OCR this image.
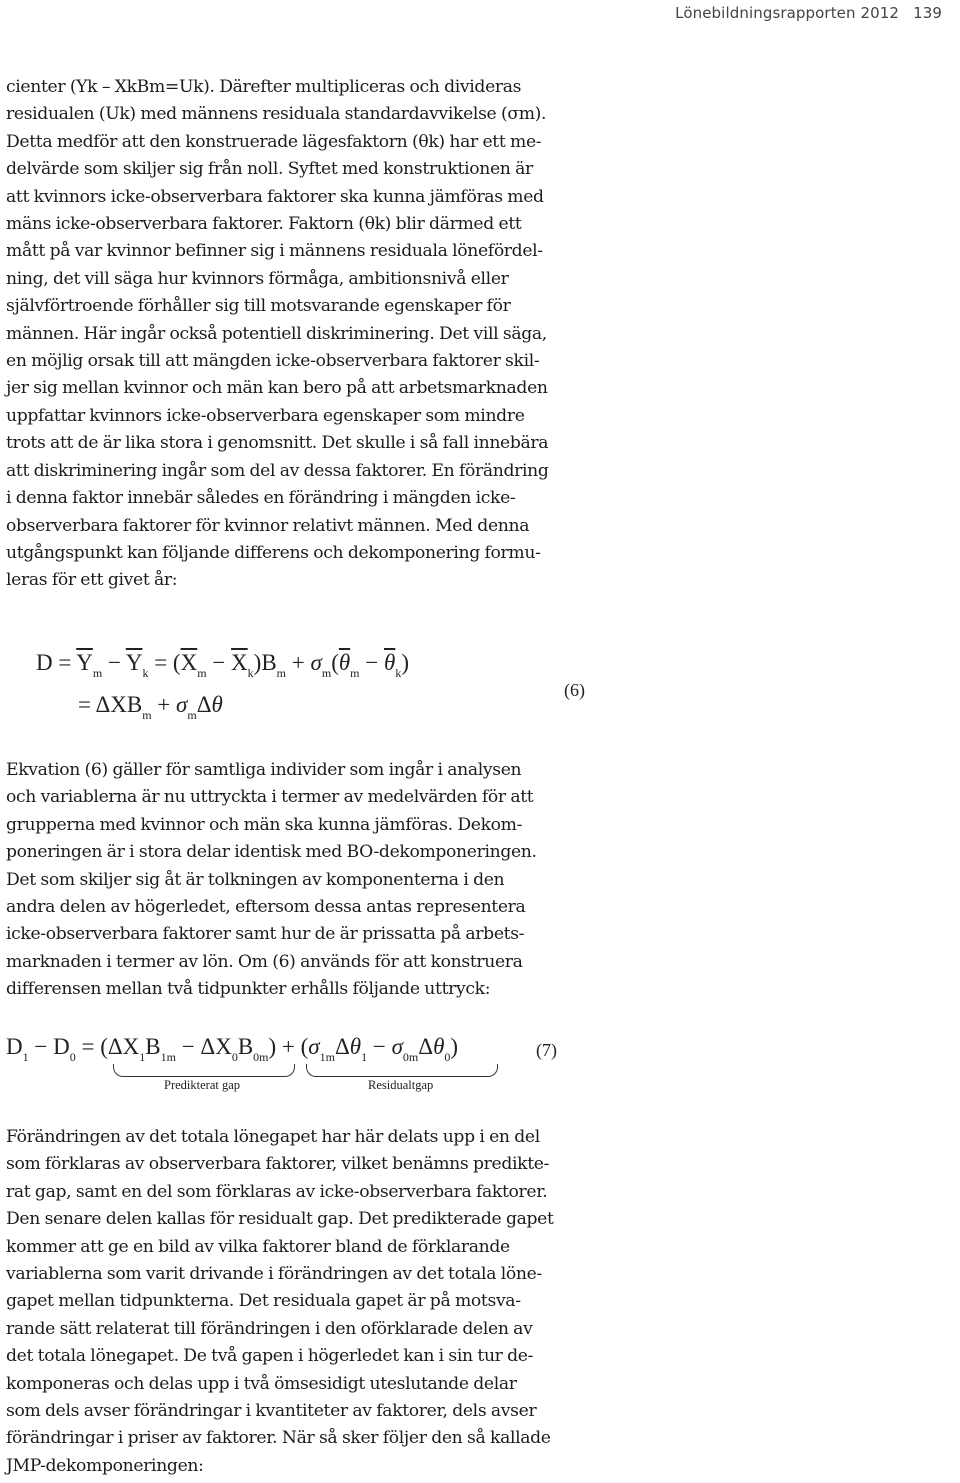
Lönebildningsrapporten 2012 139

cienter (Yk – XkBm=Uk). Därefter multipliceras och divideras
residualen (Uk) med männens residuala standardavvikelse (σm).
Detta medför att den konstruerade lägesfaktorn (θk) har ett me-
delvärde som skiljer sig från noll. Syftet med konstruktionen är
att kvinnors icke-observerbara faktorer ska kunna jämföras med
mäns icke-observerbara faktorer. Faktorn (θk) blir därmed ett
mått på var kvinnor befinner sig i männens residuala lönefördel-
ning, det vill säga hur kvinnors förmåga, ambitionsnivå eller
självförtroende förhåller sig till motsvarande egenskaper för
männen. Här ingår också potentiell diskriminering. Det vill säga,
en möjlig orsak till att mängden icke-observerbara faktorer skil-
jer sig mellan kvinnor och män kan bero på att arbetsmarknaden
uppfattar kvinnors icke-observerbara egenskaper som mindre
trots att de är lika stora i genomsnitt. Det skulle i så fall innebära
att diskriminering ingår som del av dessa faktorer. En förändring
i denna faktor innebär således en förändring i mängden icke-
observerbara faktorer för kvinnor relativt männen. Med denna
utgångspunkt kan följande differens och dekomponering formu-
leras för ett givet år:

$D = \overline{Y}_m - \overline{Y}_k = (\overline{X}_m - \overline{X}_k)B_m + \sigma_m(\overline{\theta}_m - \overline{\theta}_k)$
= $\Delta XB_m + \sigma_m\Delta\theta$
(6)

Ekvation (6) gäller för samtliga individer som ingår i analysen
och variablerna är nu uttryckta i termer av medelvärden för att
grupperna med kvinnor och män ska kunna jämföras. Dekom-
poneringen är i stora delar identisk med BO-dekomponeringen.
Det som skiljer sig åt är tolkningen av komponenterna i den
andra delen av högerledet, eftersom dessa antas representera
icke-observerbara faktorer samt hur de är prissatta på arbets-
marknaden i termer av lön. Om (6) används för att konstruera
differensen mellan två tidpunkter erhålls följande uttryck:

$D_1 - D_0 = (\Delta X_1B_{1m} - \Delta X_0B_{0m}) + (\sigma_{1m}\Delta\theta_1 - \sigma_{0m}\Delta\theta_0)$
Predikterat gap	Residualtgap
(7)

Förändringen av det totala lönegapet har här delats upp i en del
som förklaras av observerbara faktorer, vilket benämns predikte-
rat gap, samt en del som förklaras av icke-observerbara faktorer.
Den senare delen kallas för residualt gap. Det predikterade gapet
kommer att ge en bild av vilka faktorer bland de förklarande
variablerna som varit drivande i förändringen av det totala löne-
gapet mellan tidpunkterna. Det residuala gapet är på motsva-
rande sätt relaterat till förändringen i den oförklarade delen av
det totala lönegapet. De två gapen i högerledet kan i sin tur de-
komponeras och delas upp i två ömsesidigt uteslutande delar
som dels avser förändringar i kvantiteter av faktorer, dels avser
förändringar i priser av faktorer. När så sker följer den så kallade
JMP-dekomponeringen:
